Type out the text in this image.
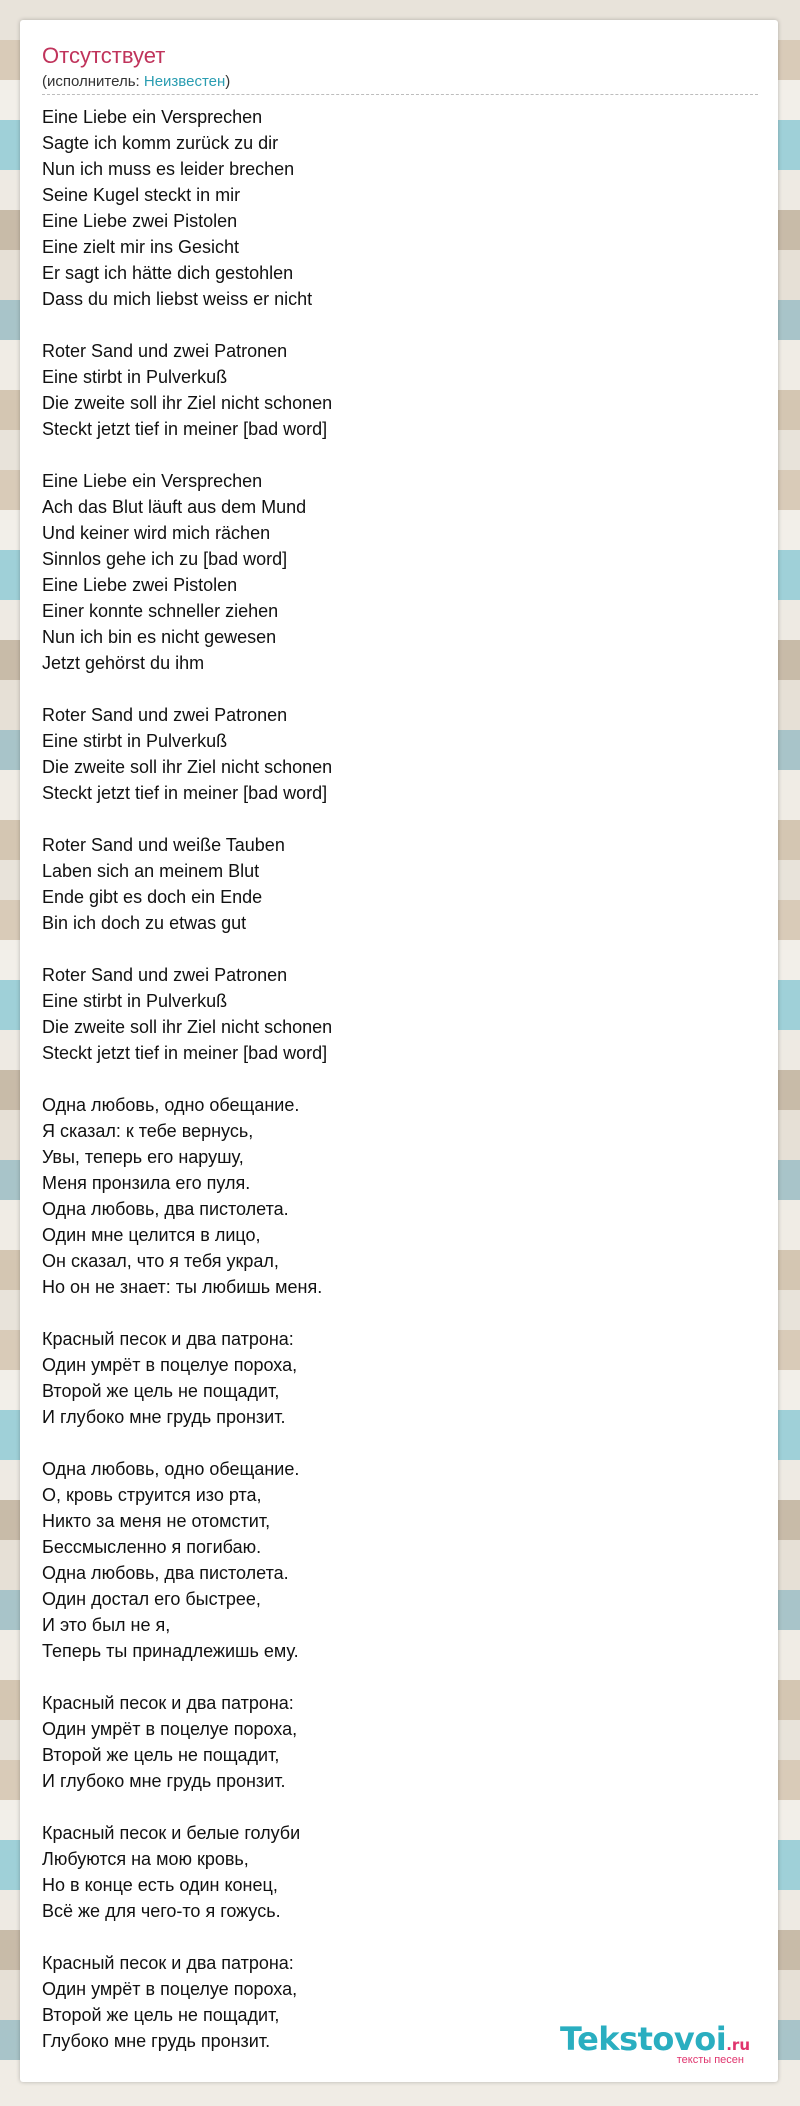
Отсутствует
(исполнитель: Неизвестен)
Eine Liebe ein Versprechen
Sagte ich komm zurück zu dir
Nun ich muss es leider brechen
Seine Kugel steckt in mir
Eine Liebe zwei Pistolen
Eine zielt mir ins Gesicht
Er sagt ich hätte dich gestohlen
Dass du mich liebst weiss er nicht
Roter Sand und zwei Patronen
Eine stirbt in Pulverkuß
Die zweite soll ihr Ziel nicht schonen
Steckt jetzt tief in meiner [bad word]
Eine Liebe ein Versprechen
Ach das Blut läuft aus dem Mund
Und keiner wird mich rächen
Sinnlos gehe ich zu [bad word]
Eine Liebe zwei Pistolen
Einer konnte schneller ziehen
Nun ich bin es nicht gewesen
Jetzt gehörst du ihm
Roter Sand und zwei Patronen
Eine stirbt in Pulverkuß
Die zweite soll ihr Ziel nicht schonen
Steckt jetzt tief in meiner [bad word]
Roter Sand und weiße Tauben
Laben sich an meinem Blut
Ende gibt es doch ein Ende
Bin ich doch zu etwas gut
Roter Sand und zwei Patronen
Eine stirbt in Pulverkuß
Die zweite soll ihr Ziel nicht schonen
Steckt jetzt tief in meiner [bad word]
Одна любовь, одно обещание.
Я сказал: к тебе вернусь,
Увы, теперь его нарушу,
Меня пронзила его пуля.
Одна любовь, два пистолета.
Один мне целится в лицо,
Он сказал, что я тебя украл,
Но он не знает: ты любишь меня.
Красный песок и два патрона:
Один умрёт в поцелуе пороха,
Второй же цель не пощадит,
И глубоко мне грудь пронзит.
Одна любовь, одно обещание.
О, кровь струится изо рта,
Никто за меня не отомстит,
Бессмысленно я погибаю.
Одна любовь, два пистолета.
Один достал его быстрее,
И это был не я,
Теперь ты принадлежишь ему.
Красный песок и два патрона:
Один умрёт в поцелуе пороха,
Второй же цель не пощадит,
И глубоко мне грудь пронзит.
Красный песок и белые голуби
Любуются на мою кровь,
Но в конце есть один конец,
Всё же для чего-то я гожусь.
Красный песок и два патрона:
Один умрёт в поцелуе пороха,
Второй же цель не пощадит,
Глубоко мне грудь пронзит.	Tekstovoi.ru
тексты песен
